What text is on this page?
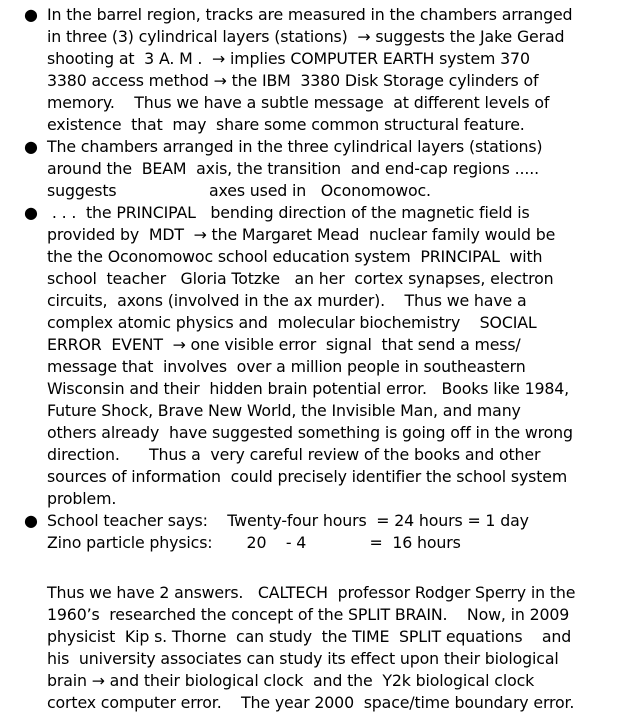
● In the barrel region, tracks are measured in the chambers arranged
in three (3) cylindrical layers (stations)  → suggests the Jake Gerad
shooting at  3 A. M .  → implies COMPUTER EARTH system 370
3380 access method → the IBM  3380 Disk Storage cylinders of
memory.    Thus we have a subtle message  at different levels of
existence  that  may  share some common structural feature.
● The chambers arranged in the three cylindrical layers (stations)
around the  BEAM  axis, the transition  and end-cap regions .....
suggests                   axes used in   Oconomowoc.
● . . .  the PRINCIPAL   bending direction of the magnetic field is
provided by  MDT  → the Margaret Mead  nuclear family would be
the the Oconomowoc school education system  PRINCIPAL  with
school  teacher   Gloria Totzke   an her  cortex synapses, electron
circuits,  axons (involved in the ax murder).    Thus we have a
complex atomic physics and  molecular biochemistry    SOCIAL
ERROR  EVENT  → one visible error  signal  that send a mess/
message that  involves  over a million people in southeastern
Wisconsin and their  hidden brain potential error.   Books like 1984,
Future Shock, Brave New World, the Invisible Man, and many
others already  have suggested something is going off in the wrong
direction.      Thus a  very careful review of the books and other
sources of information  could precisely identifier the school system
problem.
● School teacher says:    Twenty-four hours  = 24 hours = 1 day
Zino particle physics:       20    - 4             =  16 hours
Thus we have 2 answers.   CALTECH  professor Rodger Sperry in the
1960’s  researched the concept of the SPLIT BRAIN.    Now, in 2009
physicist  Kip s. Thorne  can study  the TIME  SPLIT equations    and
his  university associates can study its effect upon their biological
brain → and their biological clock  and the  Y2k biological clock
cortex computer error.    The year 2000  space/time boundary error.
